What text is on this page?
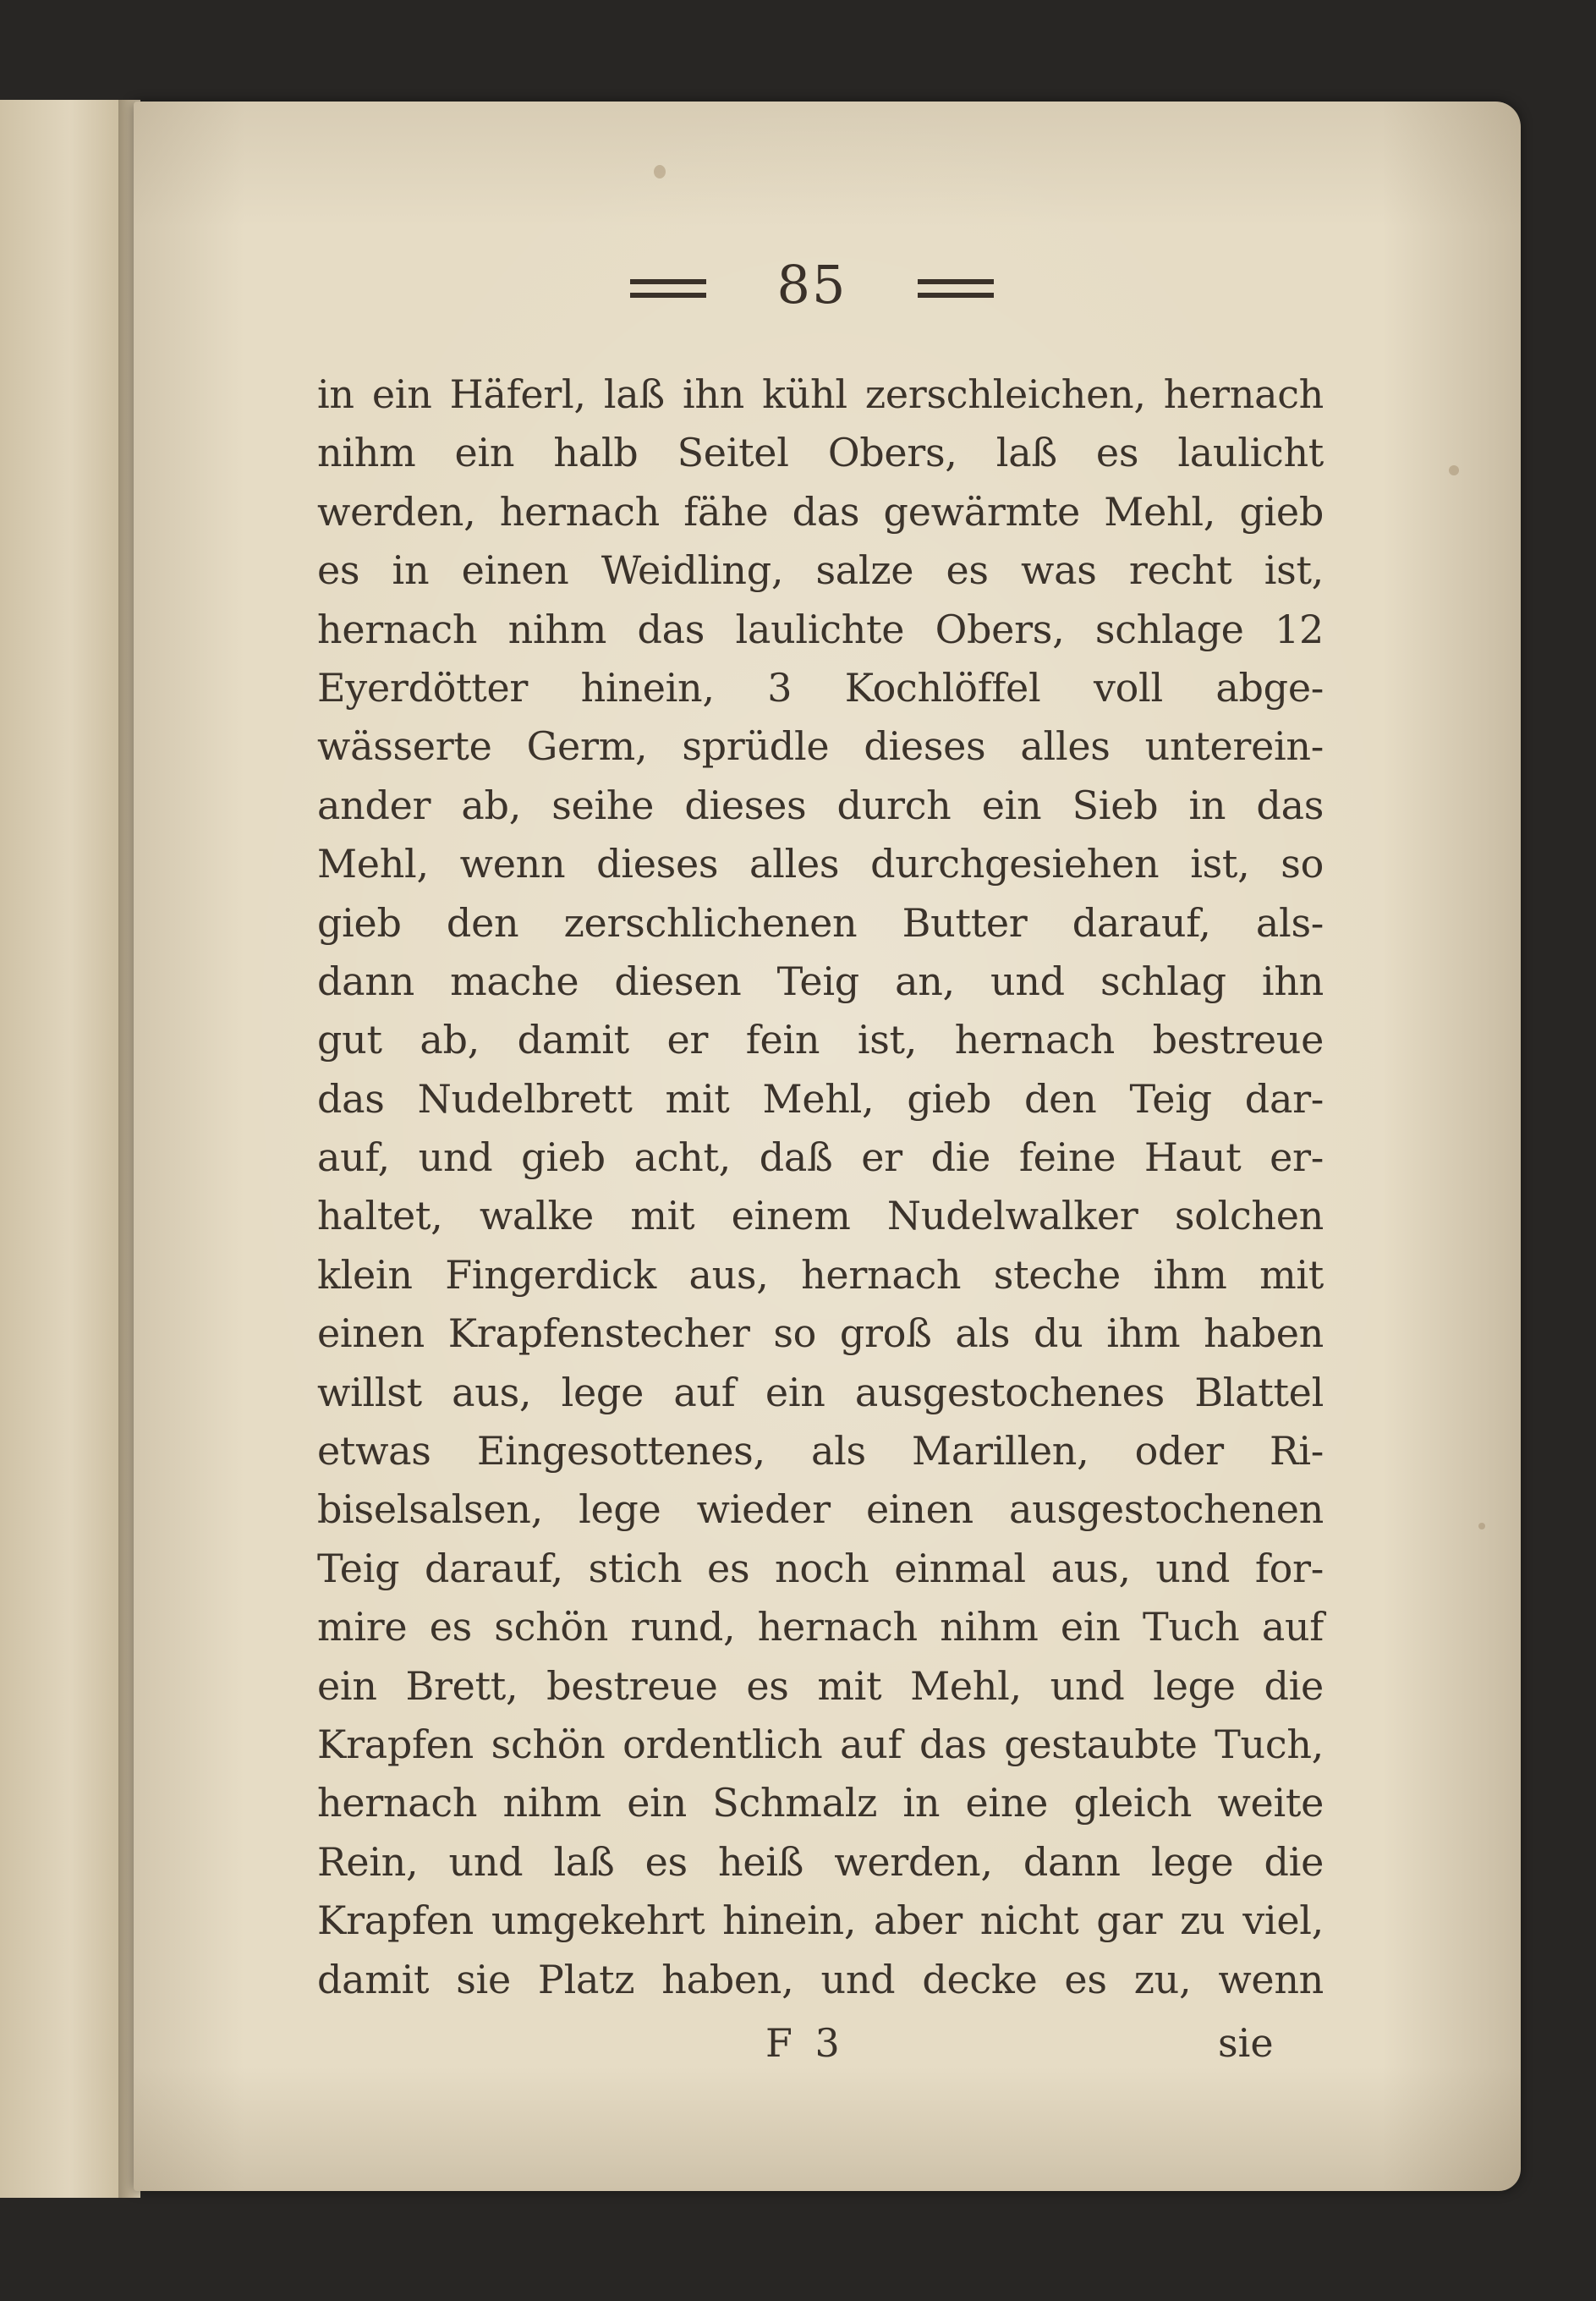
85
in ein Häferl, laß ihn kühl zerschleichen, hernach
nihm ein halb Seitel Obers, laß es laulicht
werden, hernach fähe das gewärmte Mehl, gieb
es in einen Weidling, salze es was recht ist,
hernach nihm das laulichte Obers, schlage 12
Eyerdötter hinein, 3 Kochlöffel voll abge-
wässerte Germ, sprüdle dieses alles unterein-
ander ab, seihe dieses durch ein Sieb in das
Mehl, wenn dieses alles durchgesiehen ist, so
gieb den zerschlichenen Butter darauf, als-
dann mache diesen Teig an, und schlag ihn
gut ab, damit er fein ist, hernach bestreue
das Nudelbrett mit Mehl, gieb den Teig dar-
auf, und gieb acht, daß er die feine Haut er-
haltet, walke mit einem Nudelwalker solchen
klein Fingerdick aus, hernach steche ihm mit
einen Krapfenstecher so groß als du ihm haben
willst aus, lege auf ein ausgestochenes Blattel
etwas Eingesottenes, als Marillen, oder Ri-
biselsalsen, lege wieder einen ausgestochenen
Teig darauf, stich es noch einmal aus, und for-
mire es schön rund, hernach nihm ein Tuch auf
ein Brett, bestreue es mit Mehl, und lege die
Krapfen schön ordentlich auf das gestaubte Tuch,
hernach nihm ein Schmalz in eine gleich weite
Rein, und laß es heiß werden, dann lege die
Krapfen umgekehrt hinein, aber nicht gar zu viel,
damit sie Platz haben, und decke es zu, wenn
F 3	sie
